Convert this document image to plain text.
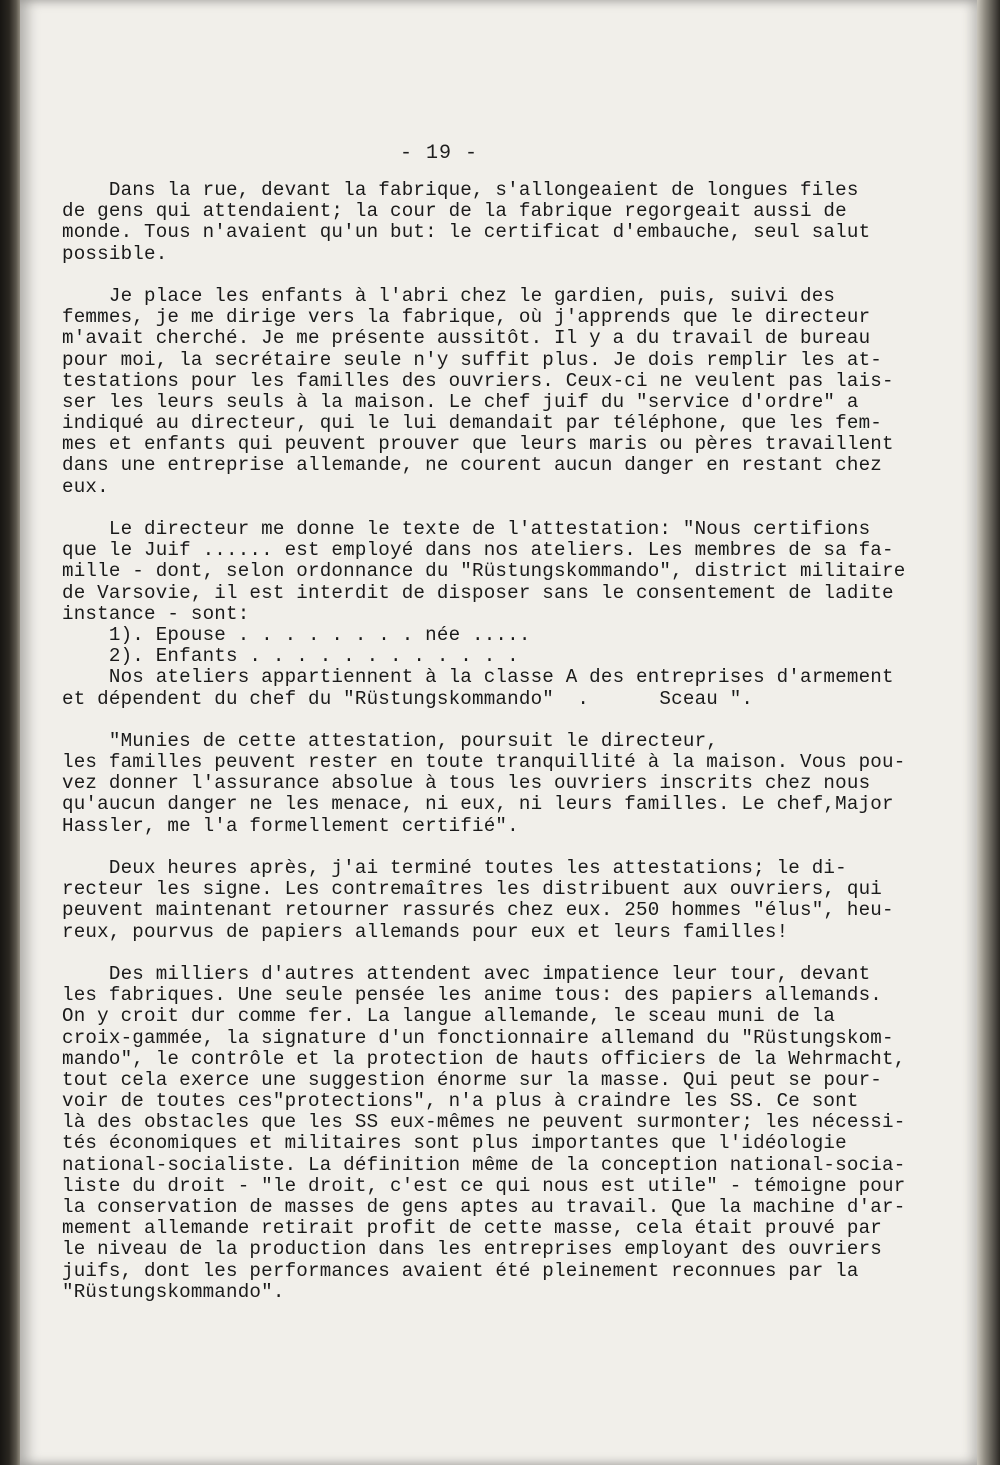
- 19 -
Dans la rue, devant la fabrique, s'allongeaient de longues files
de gens qui attendaient; la cour de la fabrique regorgeait aussi de
monde. Tous n'avaient qu'un but: le certificat d'embauche, seul salut
possible.
Je place les enfants à l'abri chez le gardien, puis, suivi des
femmes, je me dirige vers la fabrique, où j'apprends que le directeur
m'avait cherché. Je me présente aussitôt. Il y a du travail de bureau
pour moi, la secrétaire seule n'y suffit plus. Je dois remplir les at-
testations pour les familles des ouvriers. Ceux-ci ne veulent pas lais-
ser les leurs seuls à la maison. Le chef juif du "service d'ordre" a
indiqué au directeur, qui le lui demandait par téléphone, que les fem-
mes et enfants qui peuvent prouver que leurs maris ou pères travaillent
dans une entreprise allemande, ne courent aucun danger en restant chez
eux.
Le directeur me donne le texte de l'attestation: "Nous certifions
que le Juif ...... est employé dans nos ateliers. Les membres de sa fa-
mille - dont, selon ordonnance du "Rüstungskommando", district militaire
de Varsovie, il est interdit de disposer sans le consentement de ladite
instance - sont:
1). Epouse . . . . . . . . née .....
2). Enfants . . . . . . . . . . . .
Nos ateliers appartiennent à la classe A des entreprises d'armement
et dépendent du chef du "Rüstungskommando"  .      Sceau ".
"Munies de cette attestation, poursuit le directeur,
les familles peuvent rester en toute tranquillité à la maison. Vous pou-
vez donner l'assurance absolue à tous les ouvriers inscrits chez nous
qu'aucun danger ne les menace, ni eux, ni leurs familles. Le chef,Major
Hassler, me l'a formellement certifié".
Deux heures après, j'ai terminé toutes les attestations; le di-
recteur les signe. Les contremaîtres les distribuent aux ouvriers, qui
peuvent maintenant retourner rassurés chez eux. 250 hommes "élus", heu-
reux, pourvus de papiers allemands pour eux et leurs familles!
Des milliers d'autres attendent avec impatience leur tour, devant
les fabriques. Une seule pensée les anime tous: des papiers allemands.
On y croit dur comme fer. La langue allemande, le sceau muni de la
croix-gammée, la signature d'un fonctionnaire allemand du "Rüstungskom-
mando", le contrôle et la protection de hauts officiers de la Wehrmacht,
tout cela exerce une suggestion énorme sur la masse. Qui peut se pour-
voir de toutes ces"protections", n'a plus à craindre les SS. Ce sont
là des obstacles que les SS eux-mêmes ne peuvent surmonter; les nécessi-
tés économiques et militaires sont plus importantes que l'idéologie
national-socialiste. La définition même de la conception national-socia-
liste du droit - "le droit, c'est ce qui nous est utile" - témoigne pour
la conservation de masses de gens aptes au travail. Que la machine d'ar-
mement allemande retirait profit de cette masse, cela était prouvé par
le niveau de la production dans les entreprises employant des ouvriers
juifs, dont les performances avaient été pleinement reconnues par la
"Rüstungskommando".
